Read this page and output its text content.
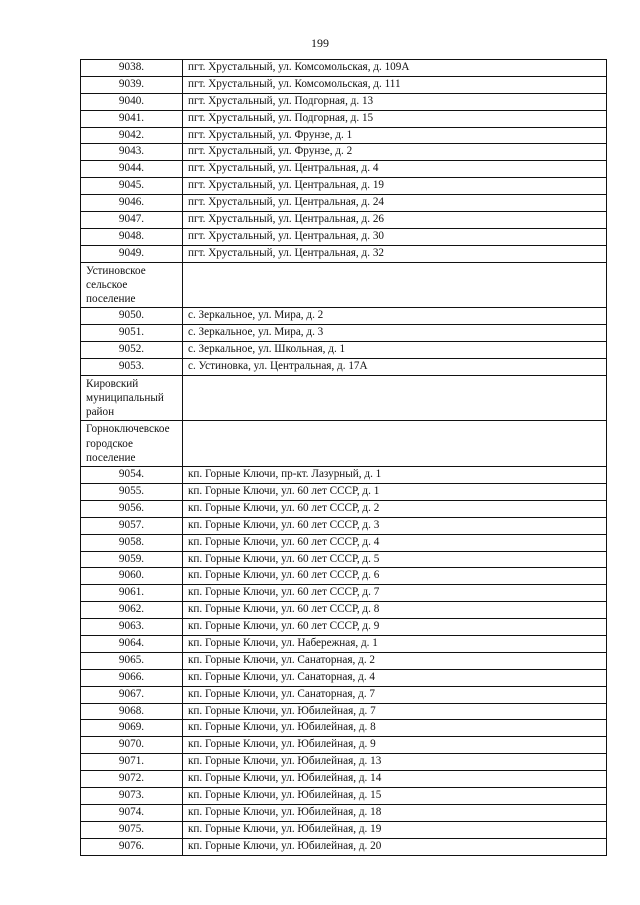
199
9038.	пгт. Хрустальный, ул. Комсомольская, д. 109А
9039.	пгт. Хрустальный, ул. Комсомольская, д. 111
9040.	пгт. Хрустальный, ул. Подгорная, д. 13
9041.	пгт. Хрустальный, ул. Подгорная, д. 15
9042.	пгт. Хрустальный, ул. Фрунзе, д. 1
9043.	пгт. Хрустальный, ул. Фрунзе, д. 2
9044.	пгт. Хрустальный, ул. Центральная, д. 4
9045.	пгт. Хрустальный, ул. Центральная, д. 19
9046.	пгт. Хрустальный, ул. Центральная, д. 24
9047.	пгт. Хрустальный, ул. Центральная, д. 26
9048.	пгт. Хрустальный, ул. Центральная, д. 30
9049.	пгт. Хрустальный, ул. Центральная, д. 32

Устиновское
сельское
поселение	

9050.	с. Зеркальное, ул. Мира, д. 2
9051.	с. Зеркальное, ул. Мира, д. 3
9052.	с. Зеркальное, ул. Школьная, д. 1
9053.	с. Устиновка, ул. Центральная, д. 17А

Кировский
муниципальный
район	

Горноключевское
городское
поселение	

9054.	кп. Горные Ключи, пр-кт. Лазурный, д. 1
9055.	кп. Горные Ключи, ул. 60 лет СССР, д. 1
9056.	кп. Горные Ключи, ул. 60 лет СССР, д. 2
9057.	кп. Горные Ключи, ул. 60 лет СССР, д. 3
9058.	кп. Горные Ключи, ул. 60 лет СССР, д. 4
9059.	кп. Горные Ключи, ул. 60 лет СССР, д. 5
9060.	кп. Горные Ключи, ул. 60 лет СССР, д. 6
9061.	кп. Горные Ключи, ул. 60 лет СССР, д. 7
9062.	кп. Горные Ключи, ул. 60 лет СССР, д. 8
9063.	кп. Горные Ключи, ул. 60 лет СССР, д. 9
9064.	кп. Горные Ключи, ул. Набережная, д. 1
9065.	кп. Горные Ключи, ул. Санаторная, д. 2
9066.	кп. Горные Ключи, ул. Санаторная, д. 4
9067.	кп. Горные Ключи, ул. Санаторная, д. 7
9068.	кп. Горные Ключи, ул. Юбилейная, д. 7
9069.	кп. Горные Ключи, ул. Юбилейная, д. 8
9070.	кп. Горные Ключи, ул. Юбилейная, д. 9
9071.	кп. Горные Ключи, ул. Юбилейная, д. 13
9072.	кп. Горные Ключи, ул. Юбилейная, д. 14
9073.	кп. Горные Ключи, ул. Юбилейная, д. 15
9074.	кп. Горные Ключи, ул. Юбилейная, д. 18
9075.	кп. Горные Ключи, ул. Юбилейная, д. 19
9076.	кп. Горные Ключи, ул. Юбилейная, д. 20
